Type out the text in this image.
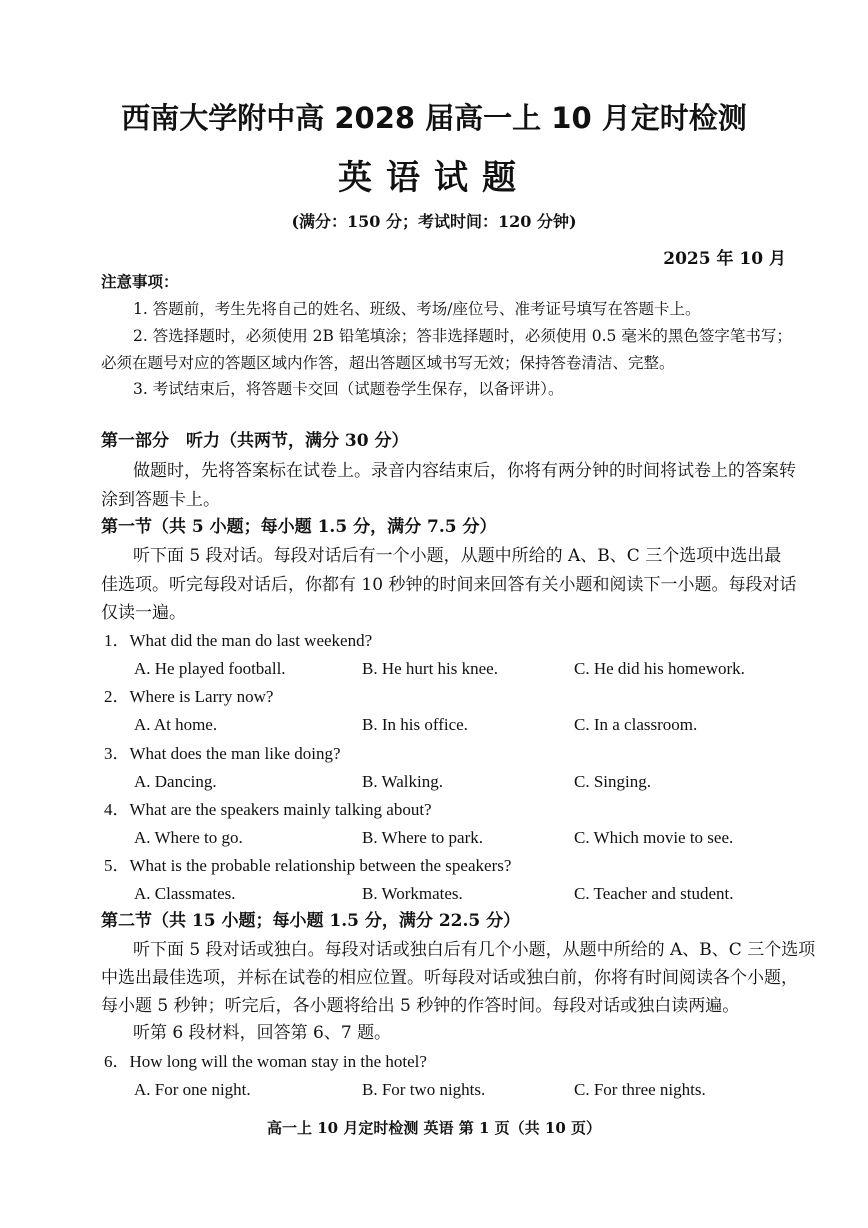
西南大学附中高 2028 届高一上 10 月定时检测
英语试题
(满分：150 分；考试时间：120 分钟)
2025 年 10 月
注意事项：
1. 答题前，考生先将自己的姓名、班级、考场/座位号、准考证号填写在答题卡上。
2. 答选择题时，必须使用 2B 铅笔填涂；答非选择题时，必须使用 0.5 毫米的黑色签字笔书写；
必须在题号对应的答题区域内作答，超出答题区域书写无效；保持答卷清洁、完整。
3. 考试结束后，将答题卡交回（试题卷学生保存，以备评讲）。
第一部分　听力（共两节，满分 30 分）
做题时，先将答案标在试卷上。录音内容结束后，你将有两分钟的时间将试卷上的答案转
涂到答题卡上。
第一节（共 5 小题；每小题 1.5 分，满分 7.5 分）
听下面 5 段对话。每段对话后有一个小题，从题中所给的 A、B、C 三个选项中选出最
佳选项。听完每段对话后，你都有 10 秒钟的时间来回答有关小题和阅读下一小题。每段对话
仅读一遍。
1．What did the man do last weekend?
A. He played football.	B. He hurt his knee.	C. He did his homework.
2．Where is Larry now?
A. At home.	B. In his office.	C. In a classroom.
3．What does the man like doing?
A. Dancing.	B. Walking.	C. Singing.
4．What are the speakers mainly talking about?
A. Where to go.	B. Where to park.	C. Which movie to see.
5．What is the probable relationship between the speakers?
A. Classmates.	B. Workmates.	C. Teacher and student.
第二节（共 15 小题；每小题 1.5 分，满分 22.5 分）
听下面 5 段对话或独白。每段对话或独白后有几个小题，从题中所给的 A、B、C 三个选项
中选出最佳选项，并标在试卷的相应位置。听每段对话或独白前，你将有时间阅读各个小题，
每小题 5 秒钟；听完后，各小题将给出 5 秒钟的作答时间。每段对话或独白读两遍。
听第 6 段材料，回答第 6、7 题。
6．How long will the woman stay in the hotel?
A. For one night.	B. For two nights.	C. For three nights.
高一上 10 月定时检测 英语 第 1 页（共 10 页）
